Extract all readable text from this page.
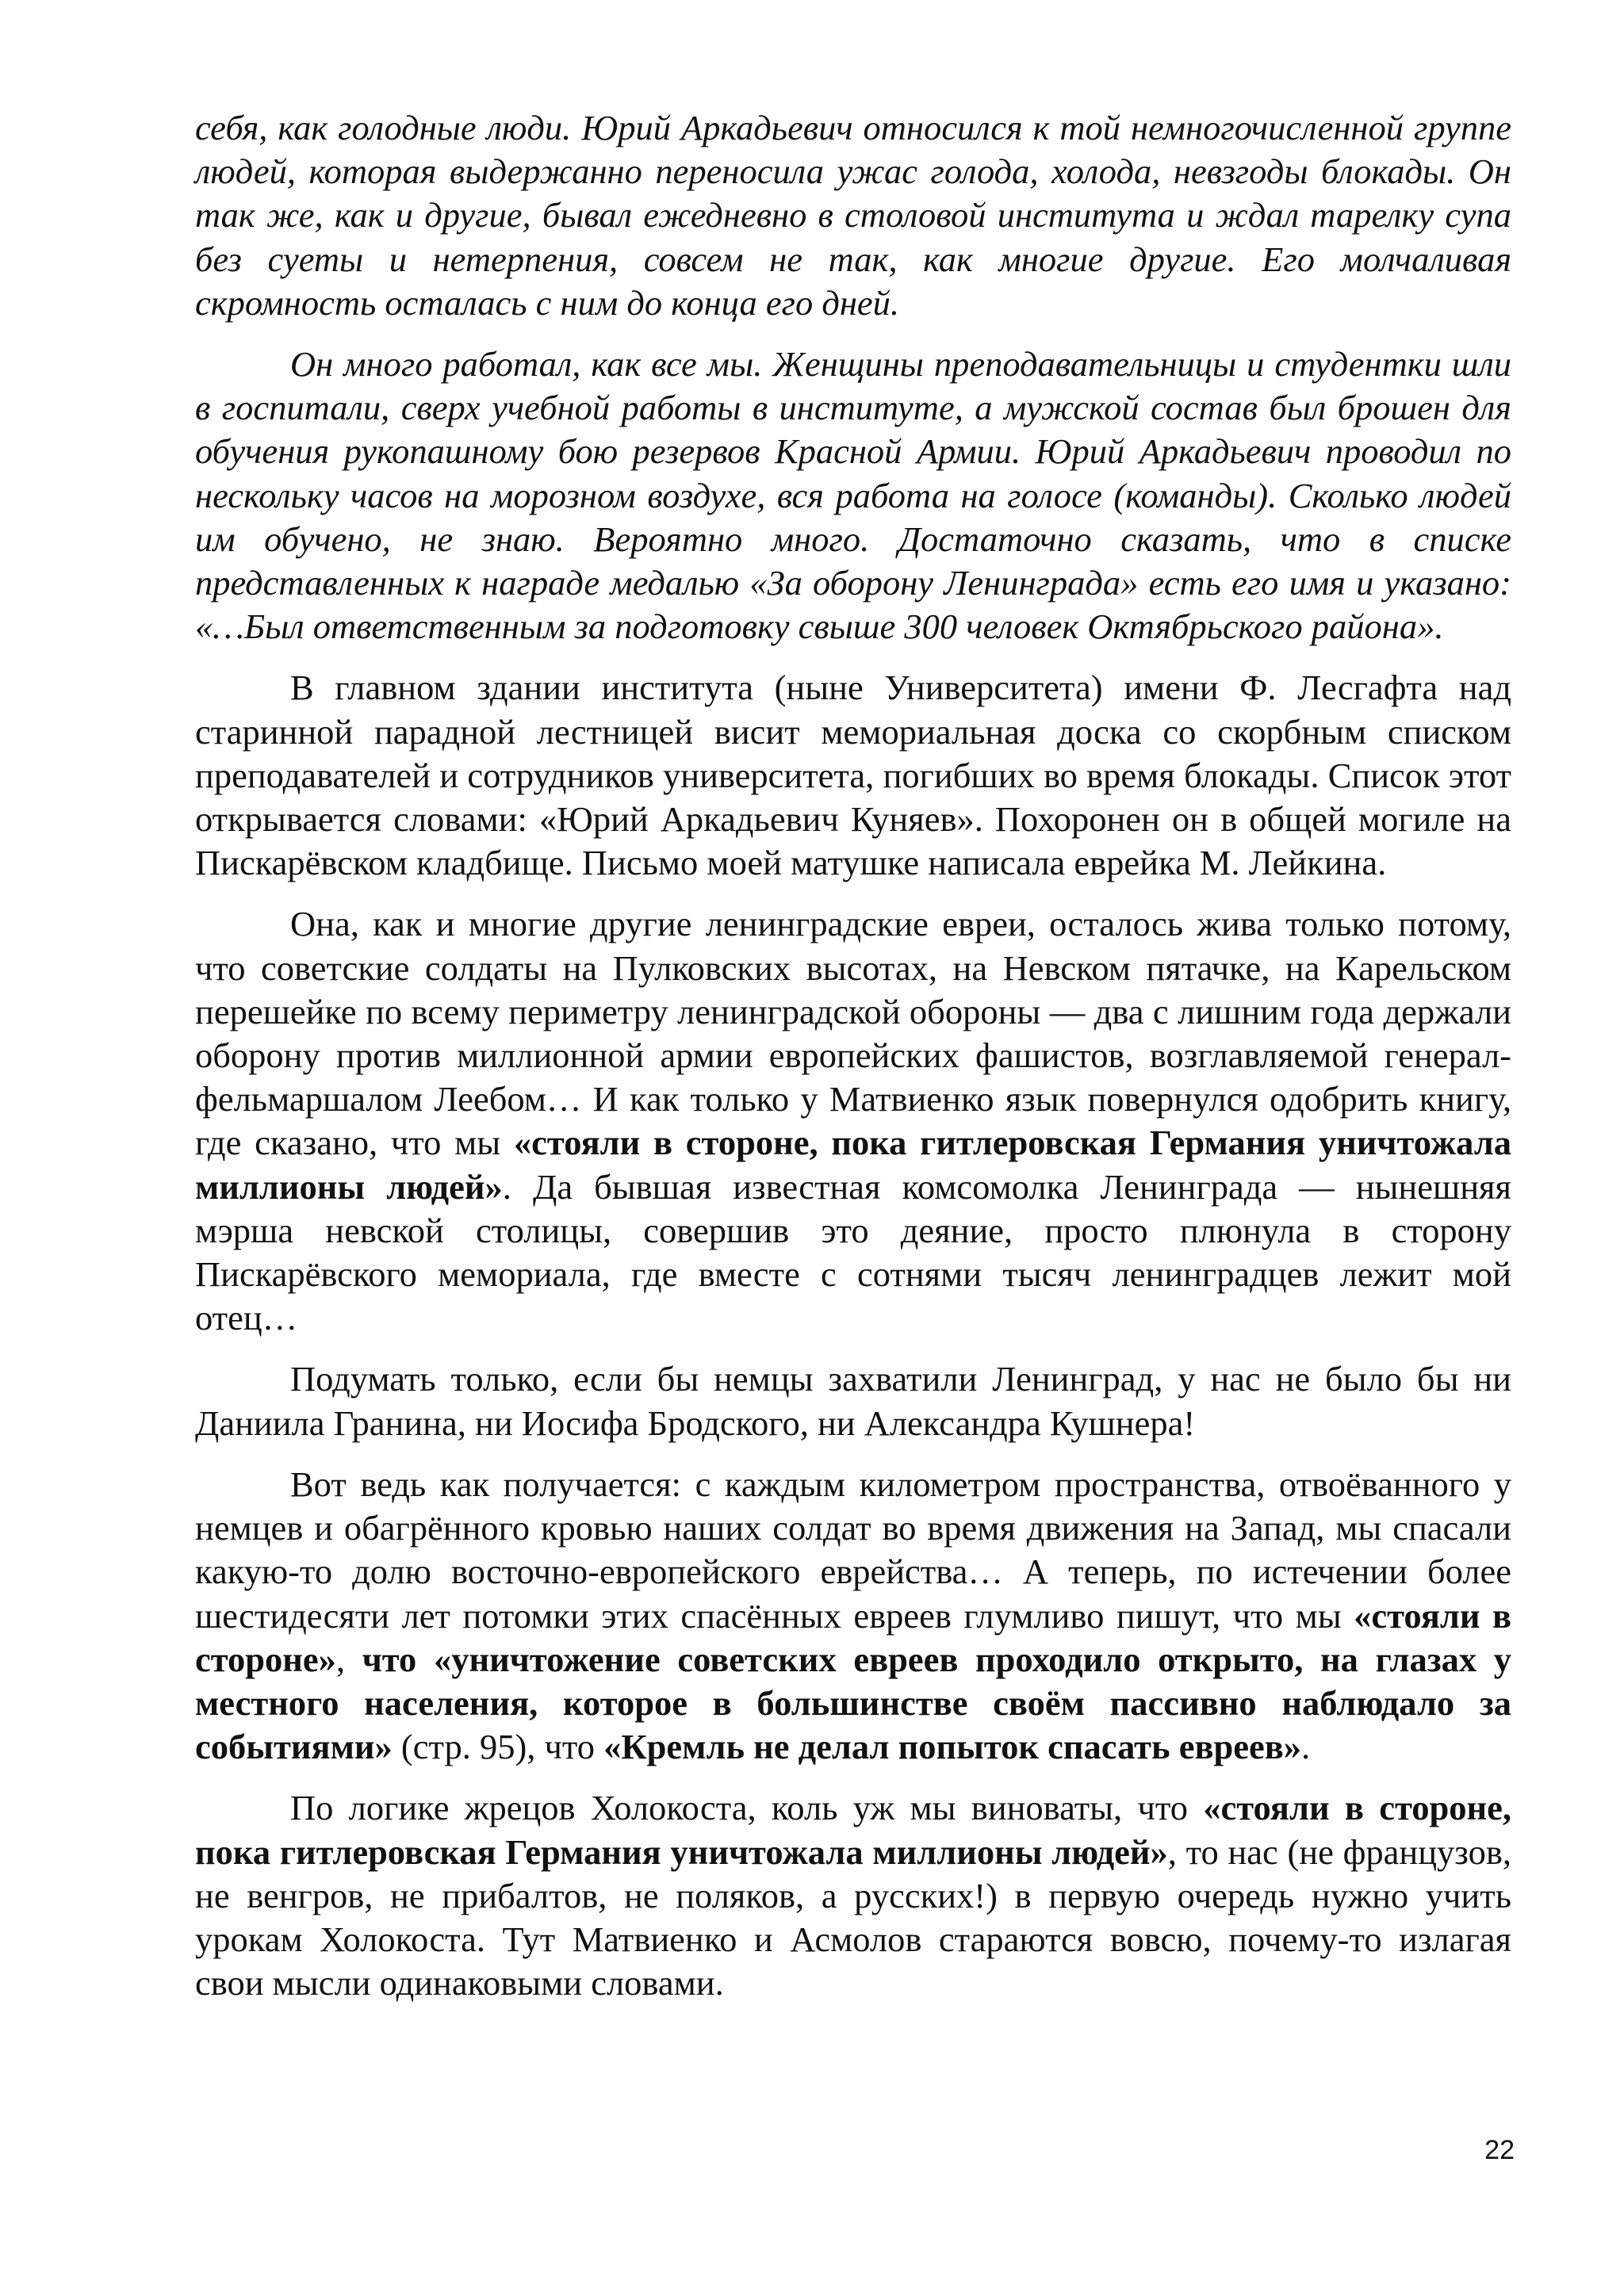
себя, как голодные люди. Юрий Аркадьевич относился к той немногочисленной группе людей, которая выдержанно переносила ужас голода, холода, невзгоды блокады. Он так же, как и другие, бывал ежедневно в столовой института и ждал тарелку супа без суеты и нетерпения, совсем не так, как многие другие. Его молчаливая скромность осталась с ним до конца его дней.

Он много работал, как все мы. Женщины преподавательницы и студентки шли в госпитали, сверх учебной работы в институте, а мужской состав был брошен для обучения рукопашному бою резервов Красной Армии. Юрий Аркадьевич проводил по нескольку часов на морозном воздухе, вся работа на голосе (команды). Сколько людей им обучено, не знаю. Вероятно много. Достаточно сказать, что в списке представленных к награде медалью «За оборону Ленинграда» есть его имя и указано: «…Был ответственным за подготовку свыше 300 человек Октябрьского района».

В главном здании института (ныне Университета) имени Ф. Лесгафта над старинной парадной лестницей висит мемориальная доска со скорбным списком преподавателей и сотрудников университета, погибших во время блокады. Список этот открывается словами: «Юрий Аркадьевич Куняев». Похоронен он в общей могиле на Пискарёвском кладбище. Письмо моей матушке написала еврейка М. Лейкина.

Она, как и многие другие ленинградские евреи, осталось жива только потому, что советские солдаты на Пулковских высотах, на Невском пятачке, на Карельском перешейке по всему периметру ленинградской обороны — два с лишним года держали оборону против миллионной армии европейских фашистов, возглавляемой генерал-фельмаршалом Леебом… И как только у Матвиенко язык повернулся одобрить книгу, где сказано, что мы «стояли в стороне, пока гитлеровская Германия уничтожала миллионы людей». Да бывшая известная комсомолка Ленинграда — нынешняя мэрша невской столицы, совершив это деяние, просто плюнула в сторону Пискарёвского мемориала, где вместе с сотнями тысяч ленинградцев лежит мой отец…

Подумать только, если бы немцы захватили Ленинград, у нас не было бы ни Даниила Гранина, ни Иосифа Бродского, ни Александра Кушнера!

Вот ведь как получается: с каждым километром пространства, отвоёванного у немцев и обагрённого кровью наших солдат во время движения на Запад, мы спасали какую-то долю восточно-европейского еврейства… А теперь, по истечении более шестидесяти лет потомки этих спасённых евреев глумливо пишут, что мы «стояли в стороне», что «уничтожение советских евреев проходило открыто, на глазах у местного населения, которое в большинстве своём пассивно наблюдало за событиями» (стр. 95), что «Кремль не делал попыток спасать евреев».

По логике жрецов Холокоста, коль уж мы виноваты, что «стояли в стороне, пока гитлеровская Германия уничтожала миллионы людей», то нас (не французов, не венгров, не прибалтов, не поляков, а русских!) в первую очередь нужно учить урокам Холокоста. Тут Матвиенко и Асмолов стараются вовсю, почему-то излагая свои мысли одинаковыми словами.

22
